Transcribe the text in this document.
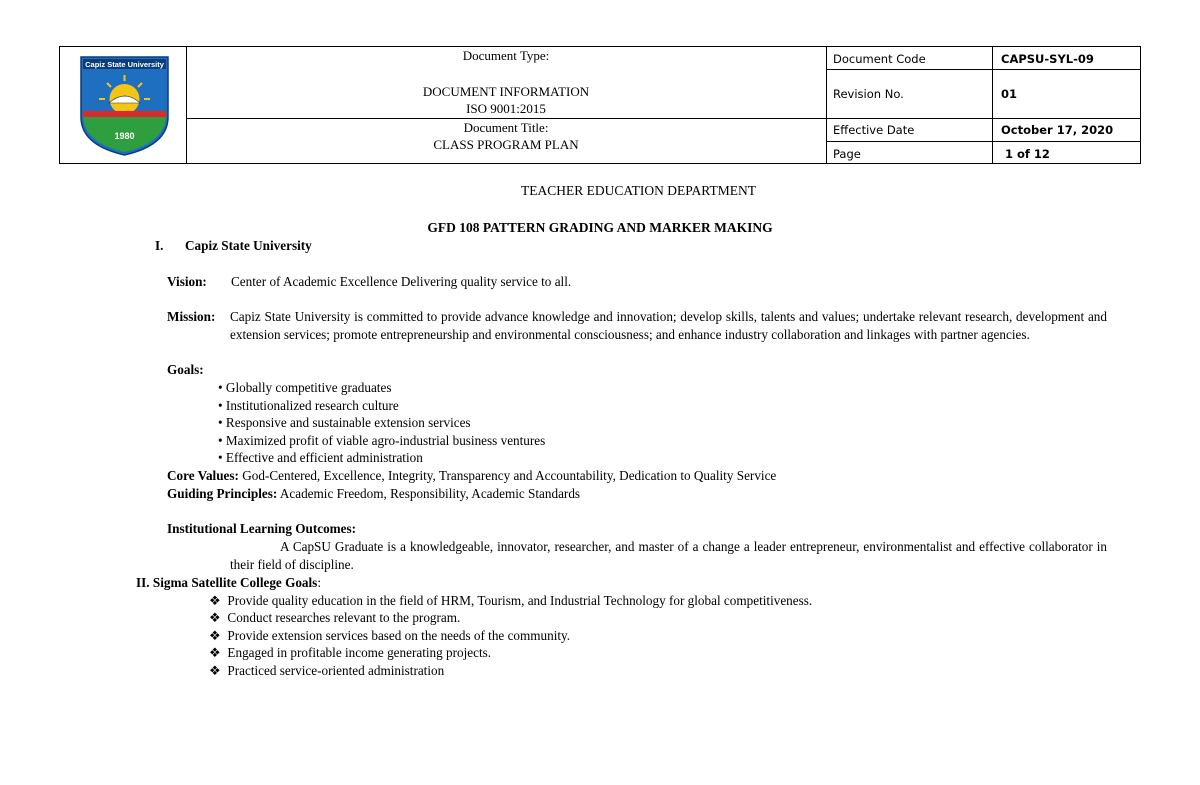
Capiz State University
1980
Document Type:
DOCUMENT INFORMATION
ISO 9001:2015
Document Title:
CLASS PROGRAM PLAN
Document Code	CAPSU-SYL-09
Revision No.	01
Effective Date	October 17, 2020
Page	1 of 12
TEACHER EDUCATION DEPARTMENT
GFD 108 PATTERN GRADING AND MARKER MAKING
I. Capiz State University
Vision: Center of Academic Excellence Delivering quality service to all.
Mission: Capiz State University is committed to provide advance knowledge and innovation; develop skills, talents and values; undertake relevant research, development and extension services; promote entrepreneurship and environmental consciousness; and enhance industry collaboration and linkages with partner agencies.
Goals:
• Globally competitive graduates
• Institutionalized research culture
• Responsive and sustainable extension services
• Maximized profit of viable agro-industrial business ventures
• Effective and efficient administration
Core Values: God-Centered, Excellence, Integrity, Transparency and Accountability, Dedication to Quality Service
Guiding Principles: Academic Freedom, Responsibility, Academic Standards
Institutional Learning Outcomes:
A CapSU Graduate is a knowledgeable, innovator, researcher, and master of a change a leader entrepreneur, environmentalist and effective collaborator in their field of discipline.
II. Sigma Satellite College Goals:
❖ Provide quality education in the field of HRM, Tourism, and Industrial Technology for global competitiveness.
❖ Conduct researches relevant to the program.
❖ Provide extension services based on the needs of the community.
❖ Engaged in profitable income generating projects.
❖ Practiced service-oriented administration
